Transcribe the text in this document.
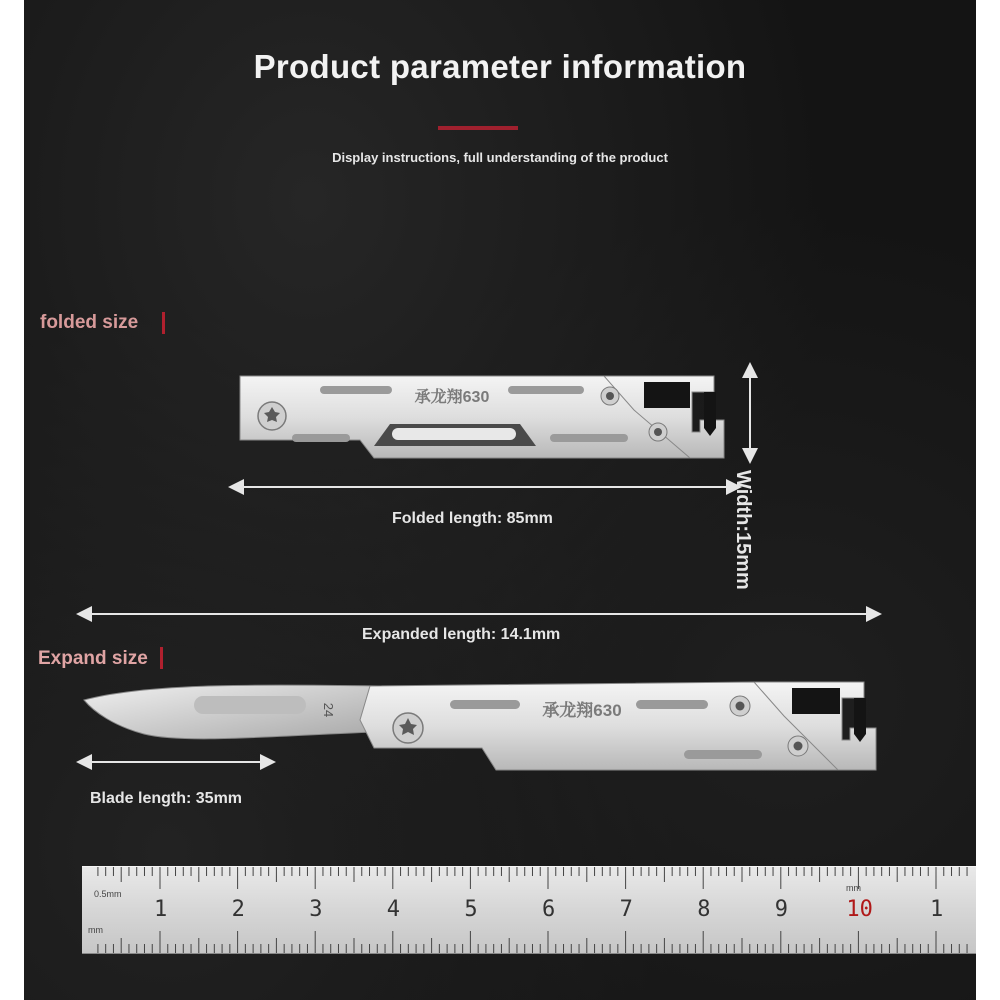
Product parameter information
Display instructions, full understanding of the product
folded size
Expand size
承龙翔630
24	承龙翔630
Width:15mm
Folded length: 85mm
Expanded length: 14.1mm
Blade length: 35mm
0.5mm
mm
mm
1	2	3	4	5	6	7	8	9	10	1
